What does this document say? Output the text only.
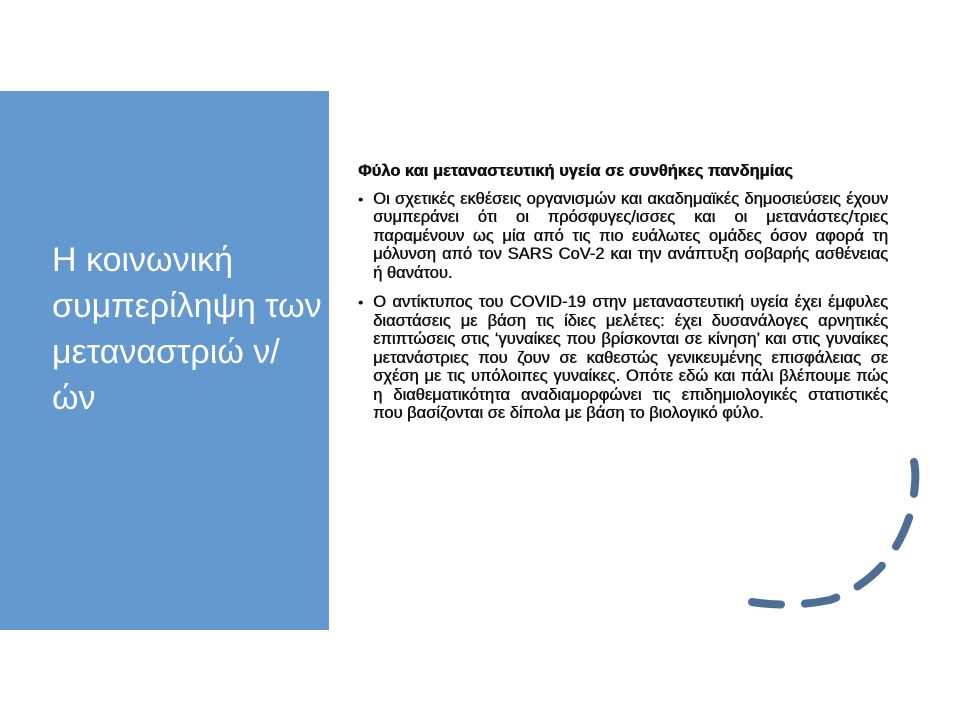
Η κοινωνική συμπερίληψη των μεταναστριώ ν/ών

Φύλο και μεταναστευτική υγεία σε συνθήκες πανδημίας

• Οι σχετικές εκθέσεις οργανισμών και ακαδημαϊκές δημοσιεύσεις έχουν συμπεράνει ότι οι πρόσφυγες/ισσες και οι μετανάστες/τριες παραμένουν ως μία από τις πιο ευάλωτες ομάδες όσον αφορά τη μόλυνση από τον SARS CoV-2 και την ανάπτυξη σοβαρής ασθένειας ή θανάτου.
• Ο αντίκτυπος του COVID-19 στην μεταναστευτική υγεία έχει έμφυλες διαστάσεις με βάση τις ίδιες μελέτες: έχει δυσανάλογες αρνητικές επιπτώσεις στις ‘γυναίκες που βρίσκονται σε κίνηση’ και στις γυναίκες μετανάστριες που ζουν σε καθεστώς γενικευμένης επισφάλειας σε σχέση με τις υπόλοιπες γυναίκες. Οπότε εδώ και πάλι βλέπουμε πώς η διαθεματικότητα αναδιαμορφώνει τις επιδημιολογικές στατιστικές που βασίζονται σε δίπολα με βάση το βιολογικό φύλο.
